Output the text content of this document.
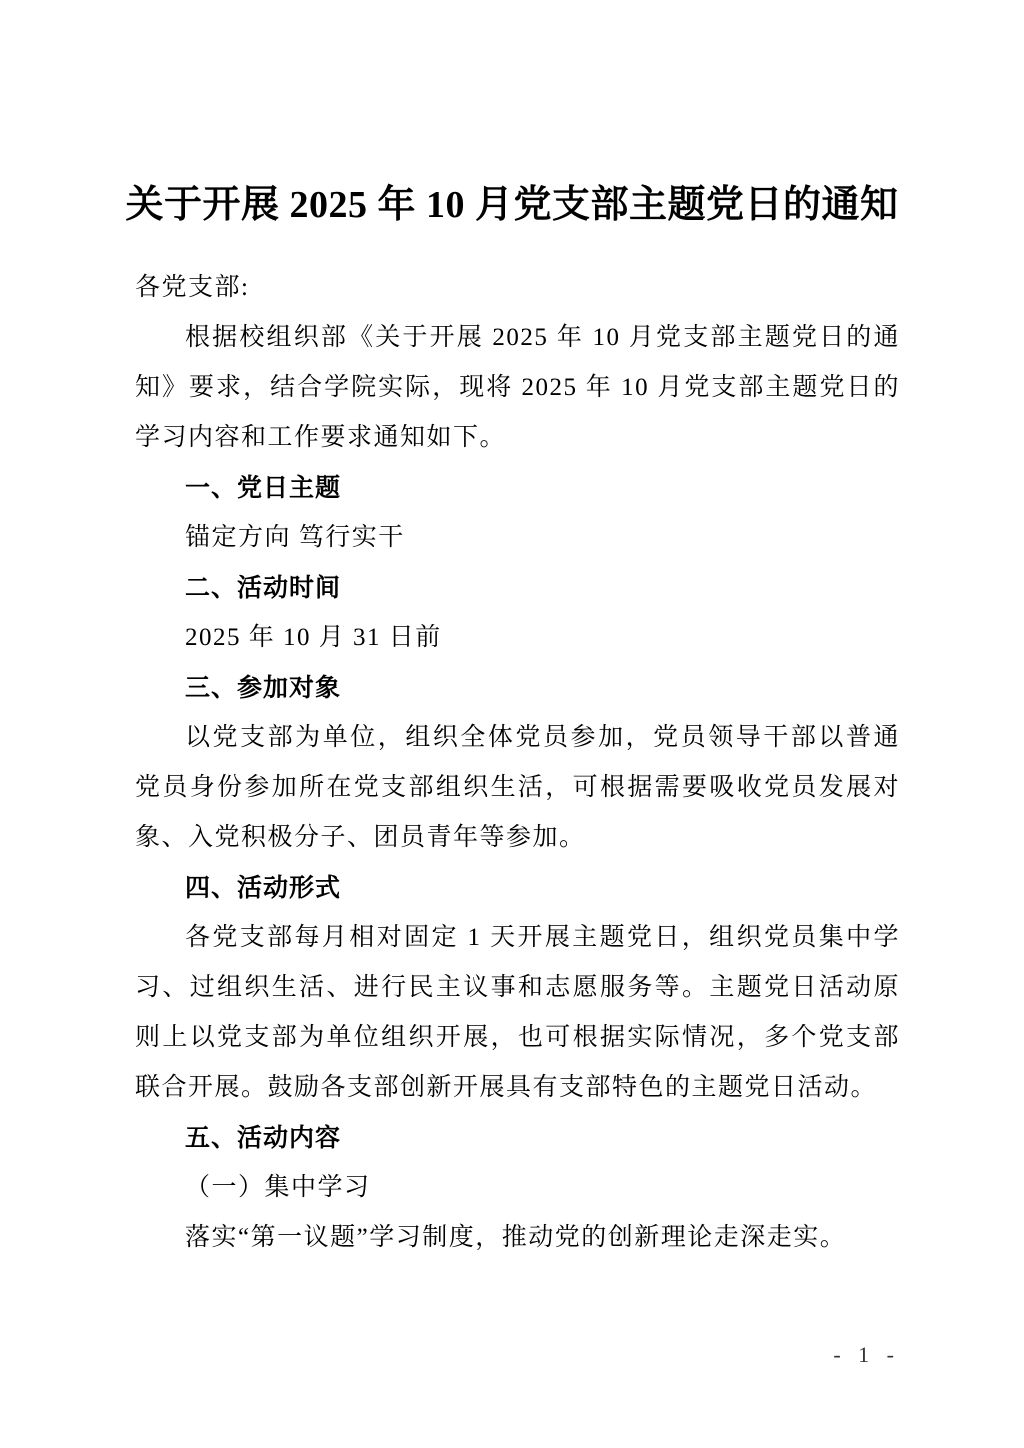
关于开展 2025 年 10 月党支部主题党日的通知

各党支部:

根据校组织部《关于开展 2025 年 10 月党支部主题党日的通知》要求，结合学院实际，现将 2025 年 10 月党支部主题党日的学习内容和工作要求通知如下。

一、党日主题

锚定方向 笃行实干

二、活动时间

2025 年 10 月 31 日前

三、参加对象

以党支部为单位，组织全体党员参加，党员领导干部以普通党员身份参加所在党支部组织生活，可根据需要吸收党员发展对象、入党积极分子、团员青年等参加。

四、活动形式

各党支部每月相对固定 1 天开展主题党日，组织党员集中学习、过组织生活、进行民主议事和志愿服务等。主题党日活动原则上以党支部为单位组织开展，也可根据实际情况，多个党支部联合开展。鼓励各支部创新开展具有支部特色的主题党日活动。

五、活动内容

（一）集中学习

落实“第一议题”学习制度，推动党的创新理论走深走实。

- 1 -
